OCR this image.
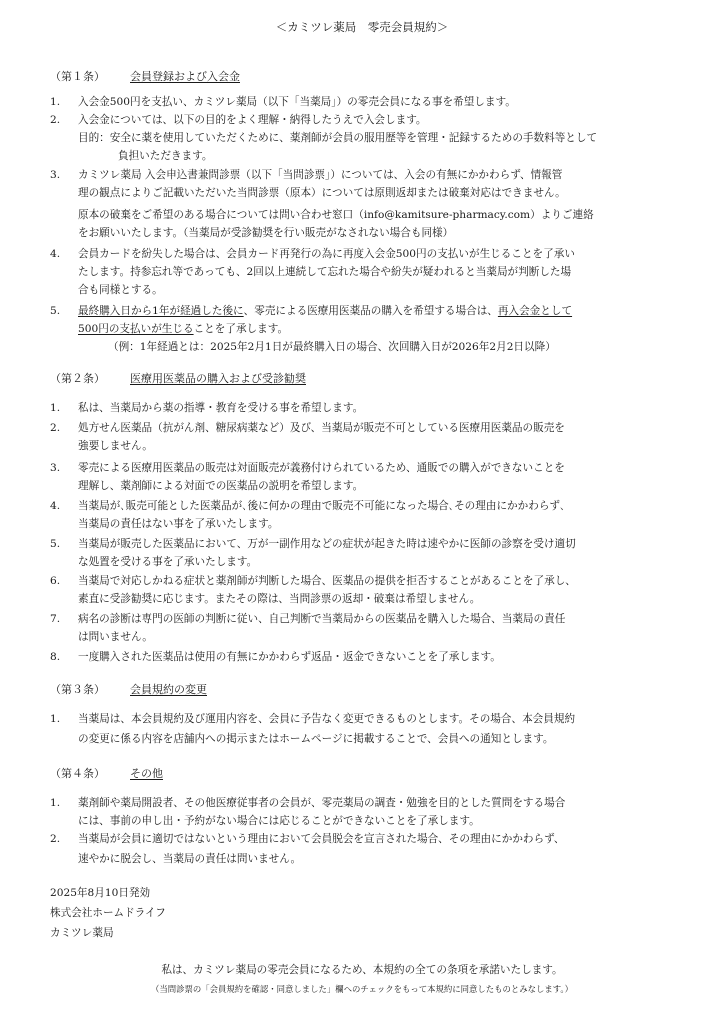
＜カミツレ薬局　零売会員規約＞
（第１条） 会員登録および入会金
1.	入会金500円を支払い、カミツレ薬局（以下「当薬局」）の零売会員になる事を希望します。
2.	入会金については、以下の目的をよく理解・納得したうえで入会します。
目的：安全に薬を使用していただくために、薬剤師が会員の服用歴等を管理・記録するための手数料等として
負担いただきます。
3.	カミツレ薬局 入会申込書兼問診票（以下「当問診票」）については、入会の有無にかかわらず、情報管
理の観点によりご記載いただいた当問診票（原本）については原則返却または破棄対応はできません。
原本の破棄をご希望のある場合については問い合わせ窓口（info@kamitsure-pharmacy.com）よりご連絡
をお願いいたします。（当薬局が受診勧奨を行い販売がなされない場合も同様）
4.	会員カードを紛失した場合は、会員カード再発行の為に再度入会金500円の支払いが生じることを了承い
たします。持参忘れ等であっても、2回以上連続して忘れた場合や紛失が疑われると当薬局が判断した場
合も同様とする。
5.	最終購入日から1年が経過した後に、零売による医療用医薬品の購入を希望する場合は、再入会金として
500円の支払いが生じることを了承します。
（例：1年経過とは：2025年2月1日が最終購入日の場合、次回購入日が2026年2月2日以降）
（第２条） 医療用医薬品の購入および受診勧奨
1.	私は、当薬局から薬の指導・教育を受ける事を希望します。
2.	処方せん医薬品（抗がん剤、糖尿病薬など）及び、当薬局が販売不可としている医療用医薬品の販売を
強要しません。
3.	零売による医療用医薬品の販売は対面販売が義務付けられているため、通販での購入ができないことを
理解し、薬剤師による対面での医薬品の説明を希望します。
4.	当薬局が､販売可能とした医薬品が､後に何かの理由で販売不可能になった場合､その理由にかかわらず､
当薬局の責任はない事を了承いたします。
5.	当薬局が販売した医薬品において、万が一副作用などの症状が起きた時は速やかに医師の診察を受け適切
な処置を受ける事を了承いたします。
6.	当薬局で対応しかねる症状と薬剤師が判断した場合、医薬品の提供を拒否することがあることを了承し、
素直に受診勧奨に応じます。またその際は、当問診票の返却・破棄は希望しません。
7.	病名の診断は専門の医師の判断に従い、自己判断で当薬局からの医薬品を購入した場合、当薬局の責任
は問いません。
8.	一度購入された医薬品は使用の有無にかかわらず返品・返金できないことを了承します。
（第３条） 会員規約の変更
1.	当薬局は、本会員規約及び運用内容を、会員に予告なく変更できるものとします。その場合、本会員規約
の変更に係る内容を店舗内への掲示またはホームページに掲載することで、会員への通知とします。
（第４条） その他
1.	薬剤師や薬局開設者、その他医療従事者の会員が、零売薬局の調査・勉強を目的とした質問をする場合
には、事前の申し出・予約がない場合には応じることができないことを了承します。
2.	当薬局が会員に適切ではないという理由において会員脱会を宣言された場合、その理由にかかわらず、
速やかに脱会し、当薬局の責任は問いません。
2025年8月10日発効
株式会社ホームドライフ
カミツレ薬局
私は、カミツレ薬局の零売会員になるため、本規約の全ての条項を承諾いたします。
（当問診票の「会員規約を確認・同意しました」欄へのチェックをもって本規約に同意したものとみなします。）
